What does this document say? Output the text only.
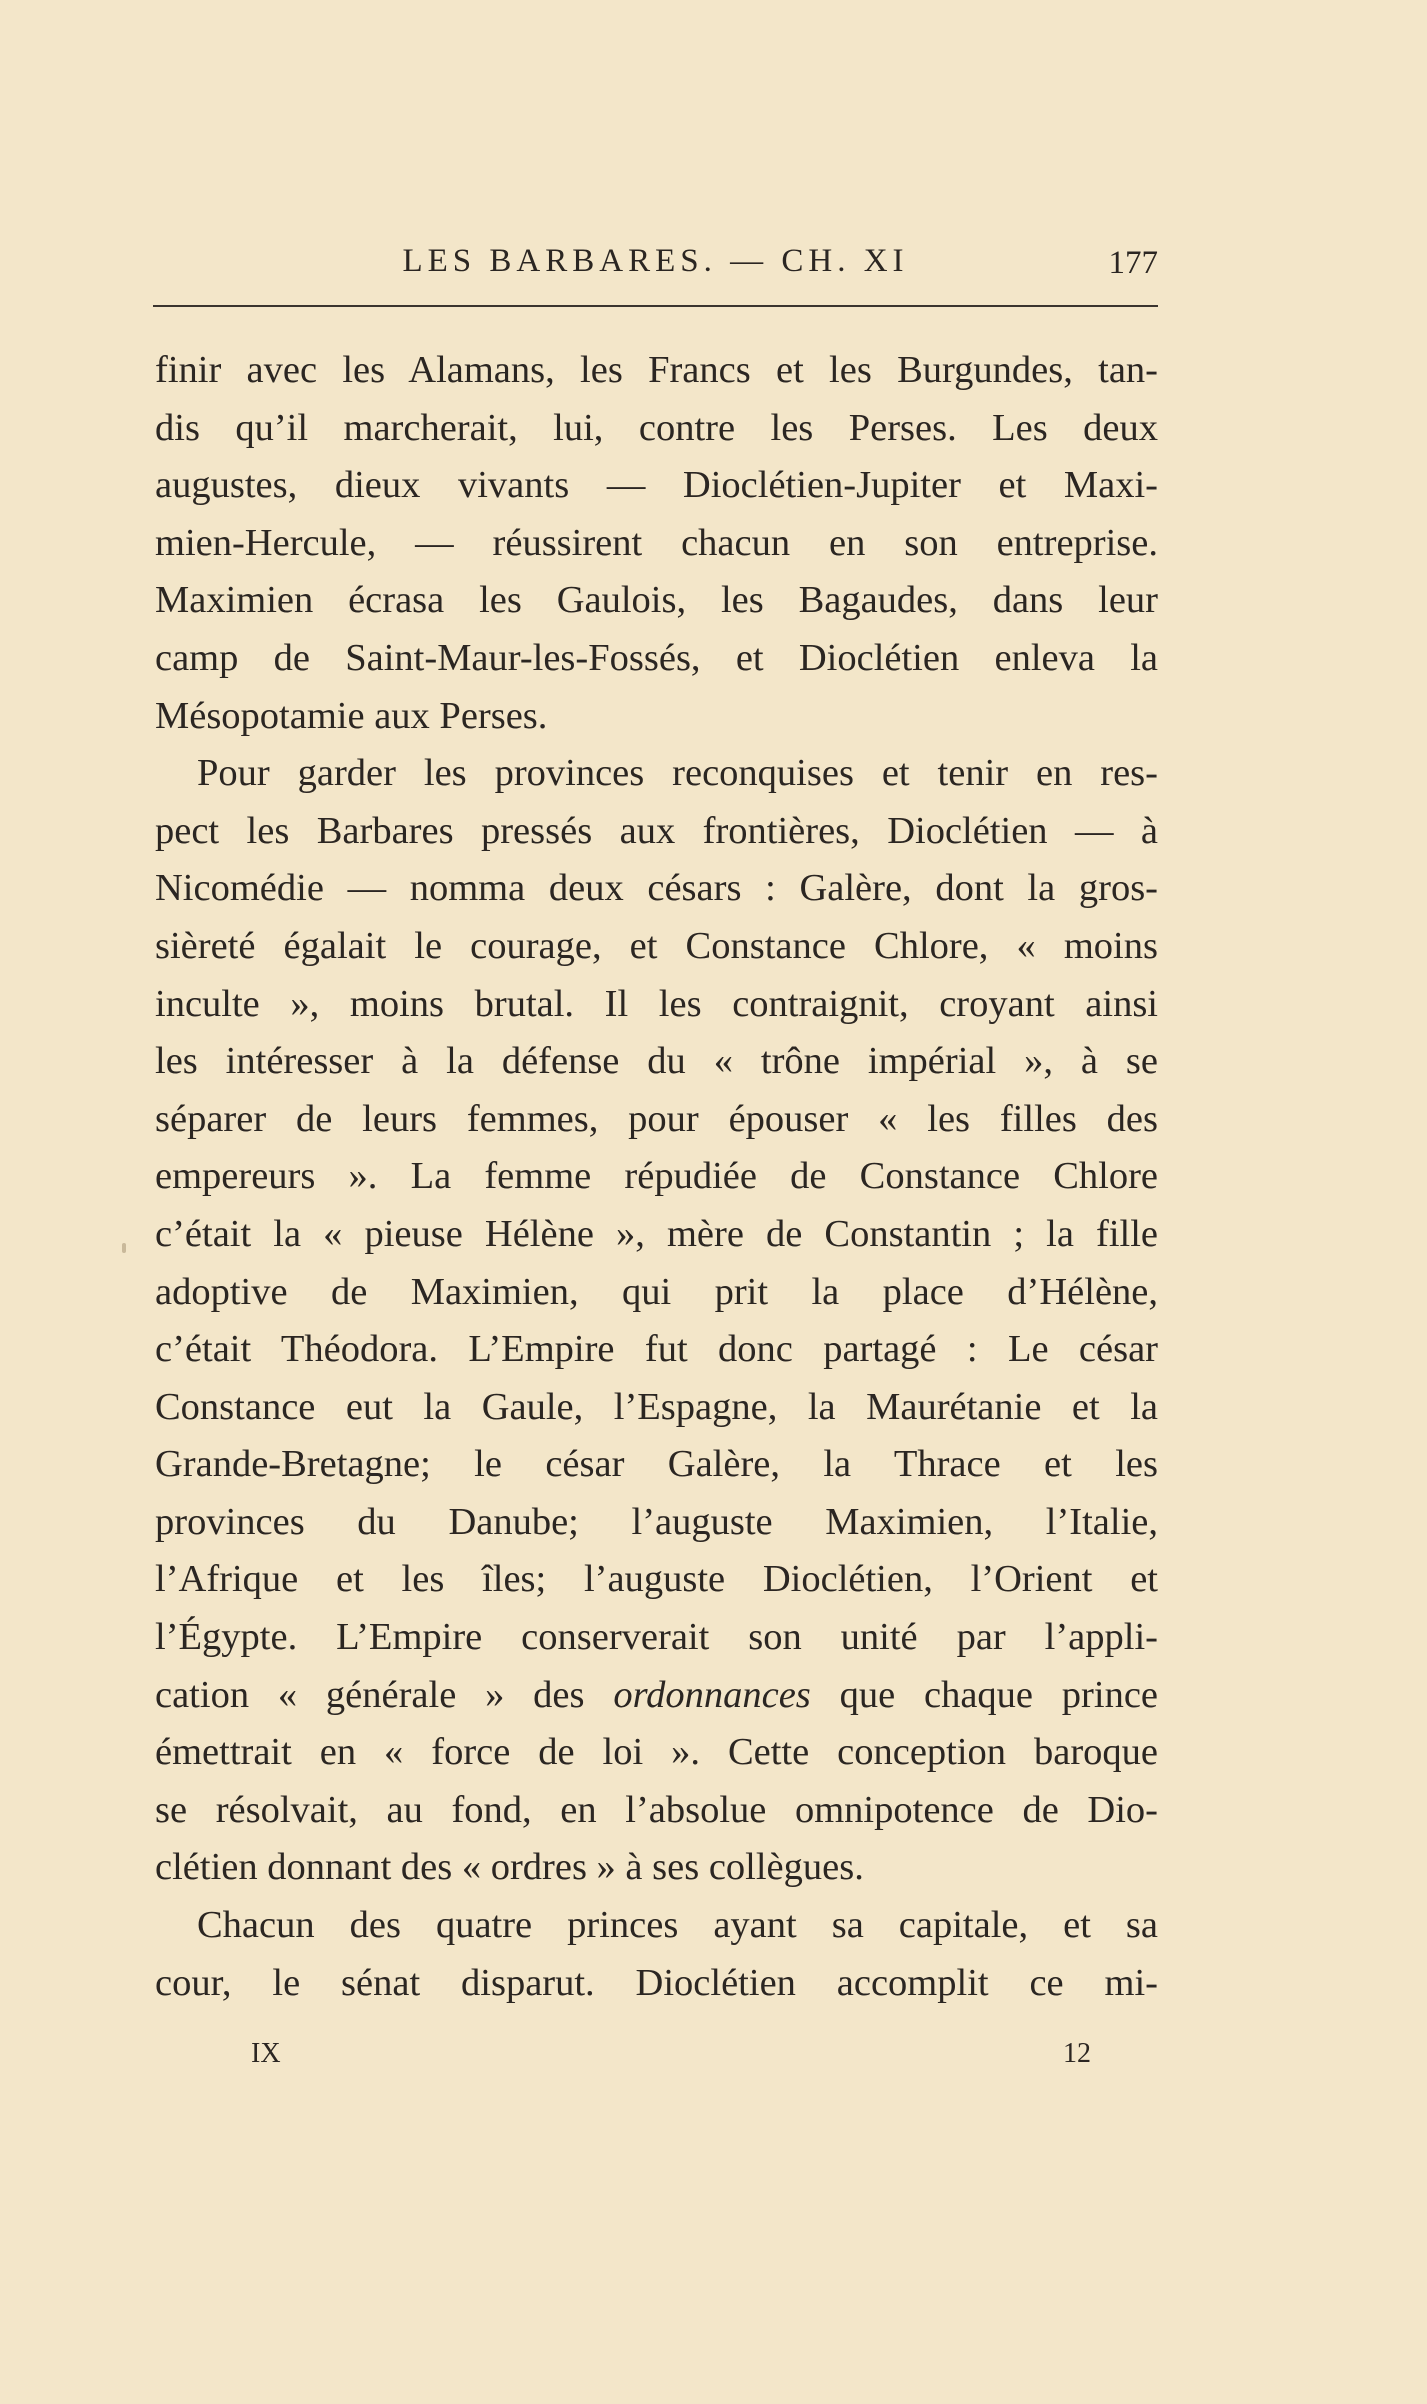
LES BARBARES. — CH. XI	177
finir avec les Alamans, les Francs et les Burgundes, tan-
dis qu’il marcherait, lui, contre les Perses. Les deux
augustes, dieux vivants — Dioclétien-Jupiter et Maxi-
mien-Hercule, — réussirent chacun en son entreprise.
Maximien écrasa les Gaulois, les Bagaudes, dans leur
camp de Saint-Maur-les-Fossés, et Dioclétien enleva la
Mésopotamie aux Perses.
Pour garder les provinces reconquises et tenir en res-
pect les Barbares pressés aux frontières, Dioclétien — à
Nicomédie — nomma deux césars : Galère, dont la gros-
sièreté égalait le courage, et Constance Chlore, « moins
inculte », moins brutal. Il les contraignit, croyant ainsi
les intéresser à la défense du « trône impérial », à se
séparer de leurs femmes, pour épouser « les filles des
empereurs ». La femme répudiée de Constance Chlore
c’était la « pieuse Hélène », mère de Constantin ; la fille
adoptive de Maximien, qui prit la place d’Hélène,
c’était Théodora. L’Empire fut donc partagé : Le césar
Constance eut la Gaule, l’Espagne, la Maurétanie et la
Grande-Bretagne; le césar Galère, la Thrace et les
provinces du Danube; l’auguste Maximien, l’Italie,
l’Afrique et les îles; l’auguste Dioclétien, l’Orient et
l’Égypte. L’Empire conserverait son unité par l’appli-
cation « générale » des ordonnances que chaque prince
émettrait en « force de loi ». Cette conception baroque
se résolvait, au fond, en l’absolue omnipotence de Dio-
clétien donnant des « ordres » à ses collègues.
Chacun des quatre princes ayant sa capitale, et sa
cour, le sénat disparut. Dioclétien accomplit ce mi-
IX	12
